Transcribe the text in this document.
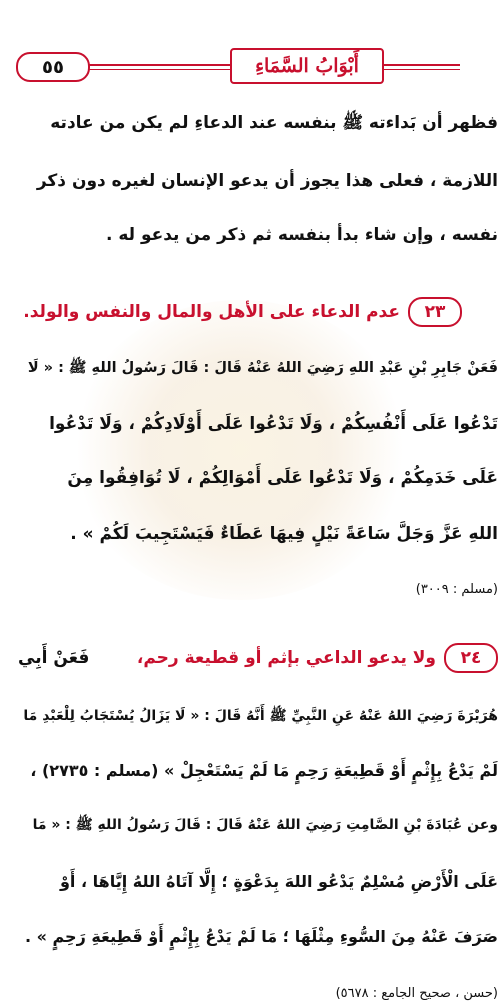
٥٥	أَبْوَابُ السَّمَاءِ
فظهر أن بَداءته ﷺ بنفسه عند الدعاءِ لم يكن من عادته
اللازمة ، فعلى هذا يجوز أن يدعو الإنسان لغيره دون ذكر
نفسه ، وإن شاء بدأ بنفسه ثم ذكر من يدعو له .
٢٣
عدم الدعاء على الأهل والمال والنفس والولد.
فَعَنْ جَابِرِ بْنِ عَبْدِ اللهِ رَضِيَ اللهُ عَنْهُ قَالَ : قَالَ رَسُولُ اللهِ ﷺ : « لَا
تَدْعُوا عَلَى أَنْفُسِكُمْ ، وَلَا تَدْعُوا عَلَى أَوْلَادِكُمْ ، وَلَا تَدْعُوا
عَلَى خَدَمِكُمْ ، وَلَا تَدْعُوا عَلَى أَمْوَالِكُمْ ، لَا تُوَافِقُوا مِنَ
اللهِ عَزَّ وَجَلَّ سَاعَةً نَيْلٍ فِيهَا عَطَاءٌ فَيَسْتَجِيبَ لَكُمْ » .
(مسلم : ٣٠٠٩)
٢٤
ولا يدعو الداعي بإثم أو قطيعة رحم،
فَعَنْ أَبِي
هُرَيْرَةَ رَضِيَ اللهُ عَنْهُ عَنِ النَّبِيِّ ﷺ أَنَّهُ قَالَ : « لَا يَزَالُ يُسْتَجَابُ لِلْعَبْدِ مَا
لَمْ يَدْعُ بِإِثْمٍ أَوْ قَطِيعَةِ رَحِمٍ مَا لَمْ يَسْتَعْجِلْ » (مسلم : ٢٧٣٥) ،
وعن عُبَادَةَ بْنِ الصَّامِتِ رَضِيَ اللهُ عَنْهُ قَالَ : قَالَ رَسُولُ اللهِ ﷺ : « مَا
عَلَى الْأَرْضِ مُسْلِمٌ يَدْعُو اللهَ بِدَعْوَةٍ ؛ إِلَّا آتَاهُ اللهُ إِيَّاهَا ، أَوْ
صَرَفَ عَنْهُ مِنَ السُّوءِ مِثْلَهَا ؛ مَا لَمْ يَدْعُ بِإِثْمٍ أَوْ قَطِيعَةِ رَحِمٍ » .
(حسن ، صحيح الجامع : ٥٦٧٨)
